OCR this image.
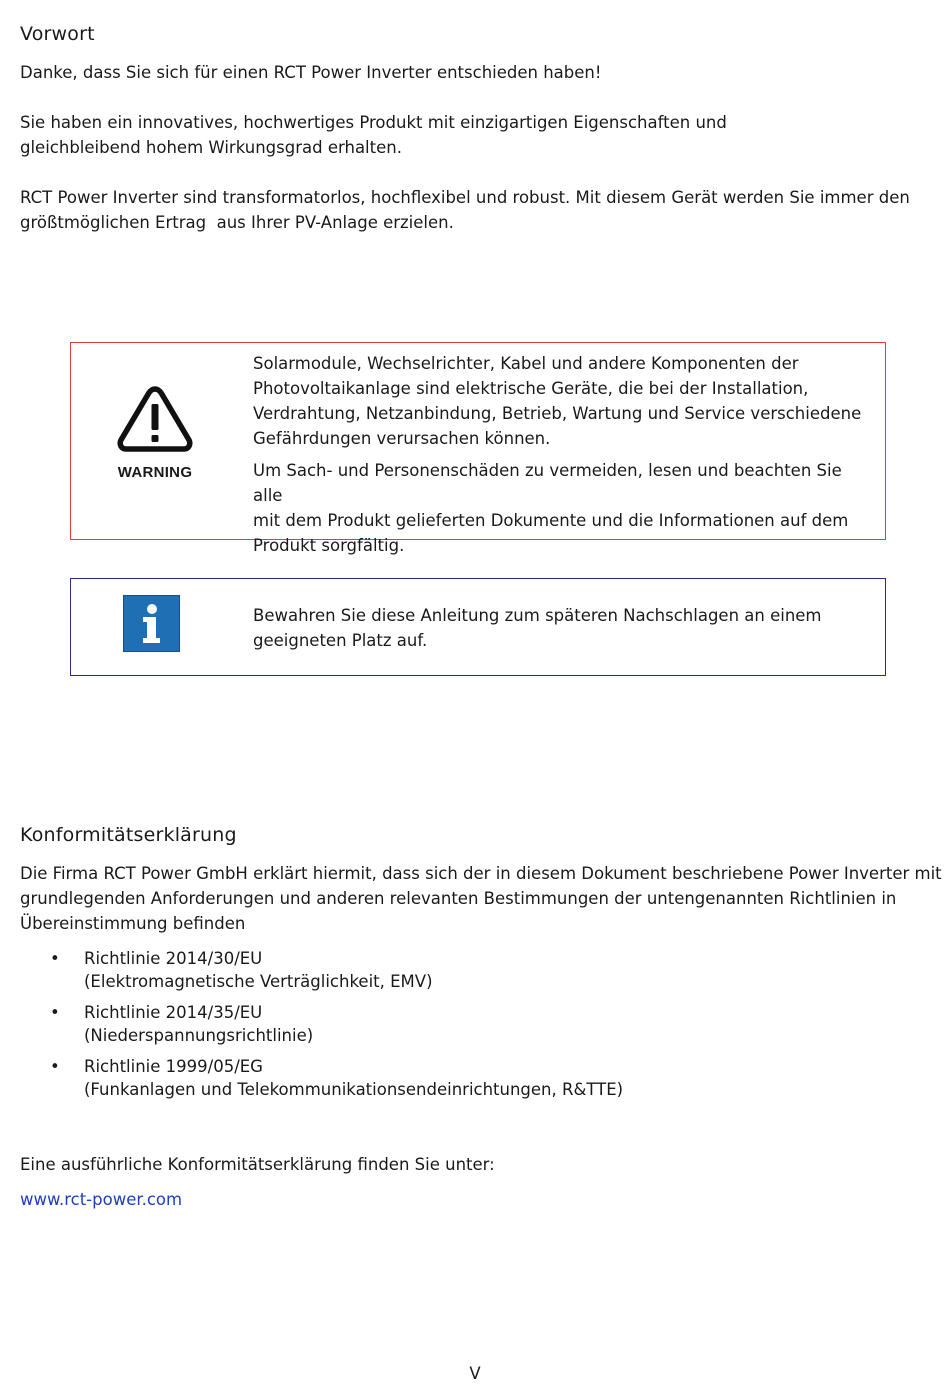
Vorwort

Danke, dass Sie sich für einen RCT Power Inverter entschieden haben!

Sie haben ein innovatives, hochwertiges Produkt mit einzigartigen Eigenschaften und
gleichbleibend hohem Wirkungsgrad erhalten.
RCT Power Inverter sind transformatorlos, hochflexibel und robust. Mit diesem Gerät werden Sie immer den
größtmöglichen Ertrag  aus Ihrer PV-Anlage erzielen.
WARNING
Solarmodule, Wechselrichter, Kabel und andere Komponenten der
Photovoltaikanlage sind elektrische Geräte, die bei der Installation,
Verdrahtung, Netzanbindung, Betrieb, Wartung und Service verschiedene
Gefährdungen verursachen können.
Um Sach- und Personenschäden zu vermeiden, lesen und beachten Sie alle
mit dem Produkt gelieferten Dokumente und die Informationen auf dem
Produkt sorgfältig.
Bewahren Sie diese Anleitung zum späteren Nachschlagen an einem
geeigneten Platz auf.
Konformitätserklärung
Die Firma RCT Power GmbH erklärt hiermit, dass sich der in diesem Dokument beschriebene Power Inverter mit
grundlegenden Anforderungen und anderen relevanten Bestimmungen der untengenannten Richtlinien in
Übereinstimmung befinden
• Richtlinie 2014/30/EU
(Elektromagnetische Verträglichkeit, EMV)
• Richtlinie 2014/35/EU
(Niederspannungsrichtlinie)
• Richtlinie 1999/05/EG
(Funkanlagen und Telekommunikationsendeinrichtungen, R&TTE)

Eine ausführliche Konformitätserklärung finden Sie unter:

www.rct-power.com
V
